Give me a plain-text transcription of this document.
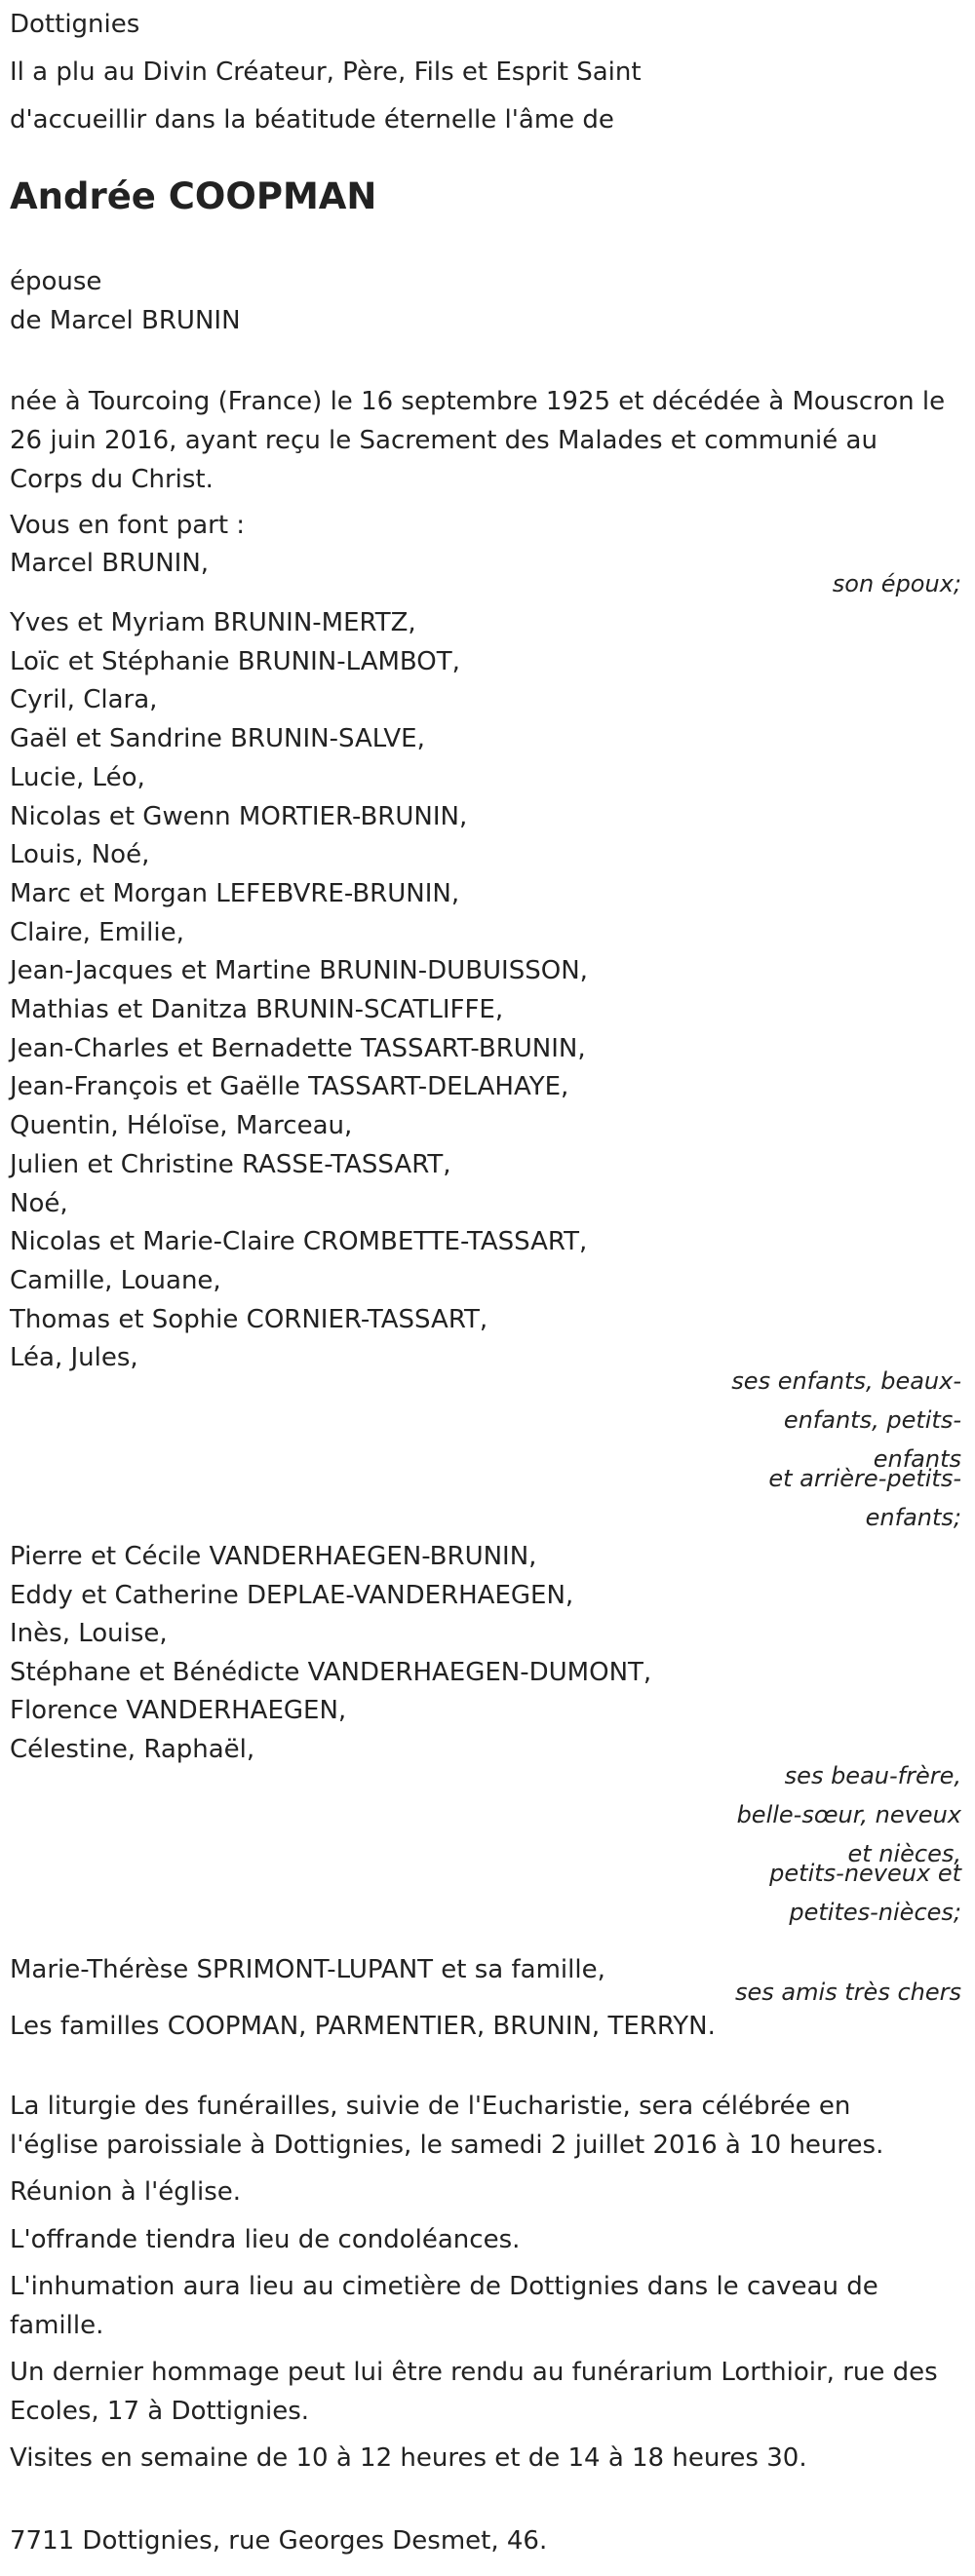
Dottignies

Il a plu au Divin Créateur, Père, Fils et Esprit Saint

d'accueillir dans la béatitude éternelle l'âme de

Andrée COOPMAN

épouse

de Marcel BRUNIN

née à Tourcoing (France) le 16 septembre 1925 et décédée à Mouscron le 26 juin 2016, ayant reçu le Sacrement des Malades et communié au Corps du Christ.

Vous en font part :

Marcel BRUNIN,

son époux;

Yves et Myriam BRUNIN-MERTZ,

Loïc et Stéphanie BRUNIN-LAMBOT,

Cyril, Clara,

Gaël et Sandrine BRUNIN-SALVE,

Lucie, Léo,

Nicolas et Gwenn MORTIER-BRUNIN,

Louis, Noé,

Marc et Morgan LEFEBVRE-BRUNIN,

Claire, Emilie,

Jean-Jacques et Martine BRUNIN-DUBUISSON,

Mathias et Danitza BRUNIN-SCATLIFFE,

Jean-Charles et Bernadette TASSART-BRUNIN,

Jean-François et Gaëlle TASSART-DELAHAYE,

Quentin, Héloïse, Marceau,

Julien et Christine RASSE-TASSART,

Noé,

Nicolas et Marie-Claire CROMBETTE-TASSART,

Camille, Louane,

Thomas et Sophie CORNIER-TASSART,

Léa, Jules,

ses enfants, beaux-
enfants, petits-
enfants
et arrière-petits-
enfants;

Pierre et Cécile VANDERHAEGEN-BRUNIN,

Eddy et Catherine DEPLAE-VANDERHAEGEN,

Inès, Louise,

Stéphane et Bénédicte VANDERHAEGEN-DUMONT,

Florence VANDERHAEGEN,

Célestine, Raphaël,

ses beau-frère,
belle-sœur, neveux
et nièces,
petits-neveux et
petites-nièces;

Marie-Thérèse SPRIMONT-LUPANT et sa famille,

ses amis très chers

Les familles COOPMAN, PARMENTIER, BRUNIN, TERRYN.

La liturgie des funérailles, suivie de l'Eucharistie, sera célébrée en l'église paroissiale à Dottignies, le samedi 2 juillet 2016 à 10 heures.

Réunion à l'église.

L'offrande tiendra lieu de condoléances.

L'inhumation aura lieu au cimetière de Dottignies dans le caveau de famille.

Un dernier hommage peut lui être rendu au funérarium Lorthioir, rue des Ecoles, 17 à Dottignies.

Visites en semaine de 10 à 12 heures et de 14 à 18 heures 30.

7711 Dottignies, rue Georges Desmet, 46.
